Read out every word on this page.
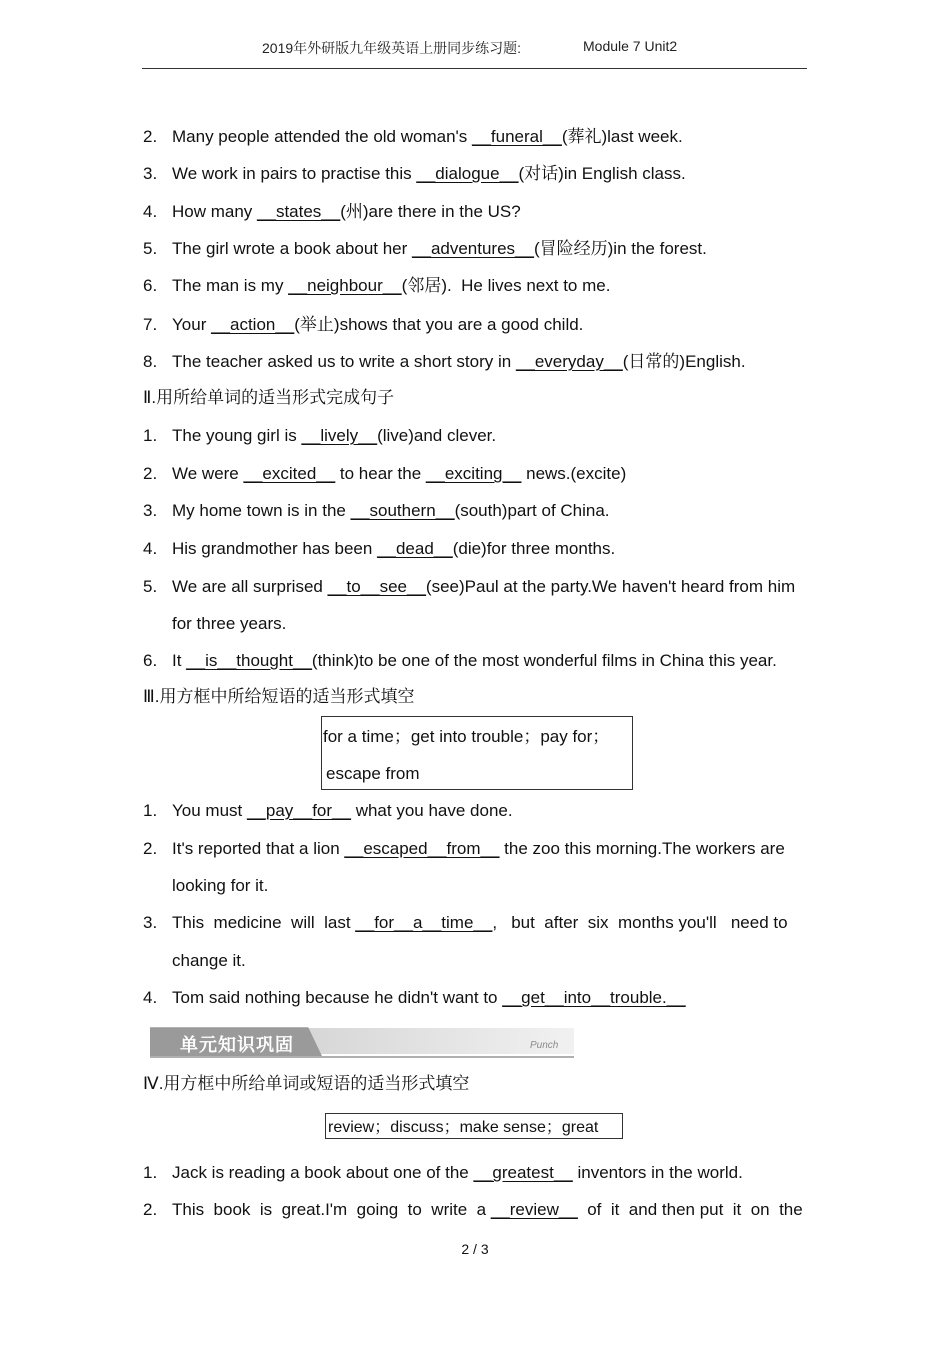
2019年外研版九年级英语上册同步练习题:	Module 7 Unit2
2. Many people attended the old woman's __funeral__(葬礼)last week.
3. We work in pairs to practise this __dialogue__(对话)in English class.
4. How many __states__(州)are there in the US?
5. The girl wrote a book about her __adventures__(冒险经历)in the forest.
6. The man is my __neighbour__(邻居).  He lives next to me.
7. Your __action__(举止)shows that you are a good child.
8. The teacher asked us to write a short story in __everyday__(日常的)English.
1. The young girl is __lively__(live)and clever.
2. We were __excited__ to hear the __exciting__ news.(excite)
3. My home town is in the __southern__(south)part of China.
4. His grandmother has been __dead__(die)for three months.
5. We are all surprised __to__see__(see)Paul at the party.We haven't heard from him
for three years.
6. It __is__thought__(think)to be one of the most wonderful films in China this year.
1. You must __pay__for__ what you have done.
2. It's reported that a lion __escaped__from__ the zoo this morning.The workers are
looking for it.
3. This  medicine  will  last __for__a__time__,   but  after  six  months you'll   need to
change it.
4. Tom said nothing because he didn't want to __get__into__trouble.__
1. Jack is reading a book about one of the __greatest__ inventors in the world.
2. This  book  is  great.I'm  going  to  write  a __review__  of  it  and then put  it  on  the
Ⅱ.用所给单词的适当形式完成句子
Ⅲ.用方框中所给短语的适当形式填空
Ⅳ.用方框中所给单词或短语的适当形式填空
for a time；get into trouble；pay for；
escape from
单元知识巩固	Punch
review；discuss；make sense；great
2 / 3
